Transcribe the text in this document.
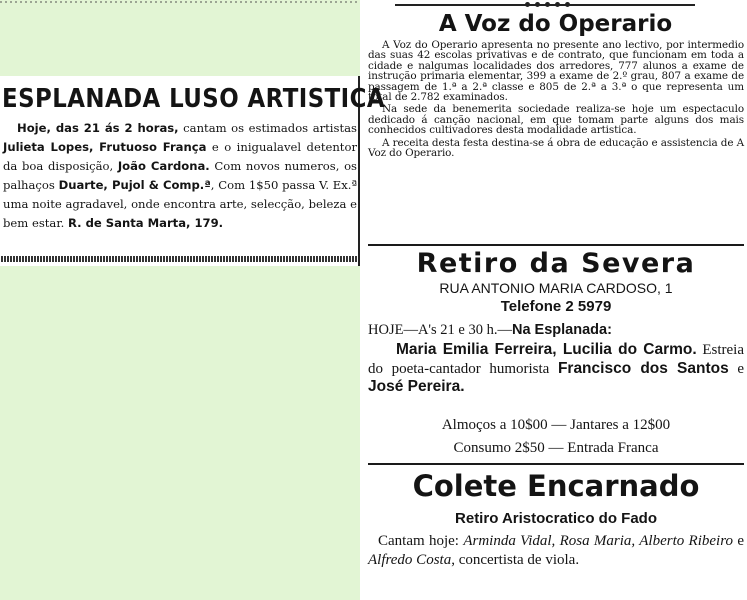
ESPLANADA LUSO ARTISTICA
Hoje, das 21 ás 2 horas, cantam os estimados artistas Julieta Lopes, Frutuoso França e o inigualavel detentor da boa disposição, João Cardona. Com novos numeros, os palhaços Duarte, Pujol & Comp.ª, Com 1$50 passa V. Ex.ª uma noite agradavel, onde encontra arte, selecção, beleza e bem estar. R. de Santa Marta, 179.
A Voz do Operario

A Voz do Operario apresenta no presente ano lectivo, por intermedio das suas 42 escolas privativas e de contrato, que funcionam em toda a cidade e nalgumas localidades dos arredores, 777 alunos a exame de instrução primaria elementar, 399 a exame de 2.º grau, 807 a exame de passagem de 1.ª a 2.ª classe e 805 de 2.ª a 3.ª o que representa um total de 2.782 examinados.

Na sede da benemerita sociedade realiza-se hoje um espectaculo dedicado á canção nacional, em que tomam parte alguns dos mais conhecidos cultivadores desta modalidade artistica.

A receita desta festa destina-se á obra de educação e assistencia de A Voz do Operario.

Retiro da Severa
RUA ANTONIO MARIA CARDOSO, 1
Telefone 2 5979
HOJE—A's 21 e 30 h.—Na Esplanada:
Maria Emilia Ferreira, Lucilia do Carmo. Estreia do poeta-cantador humorista Francisco dos Santos e José Pereira.
Almoços a 10$00 — Jantares a 12$00
Consumo 2$50 — Entrada Franca
Colete Encarnado
Retiro Aristocratico do Fado
Cantam hoje: Arminda Vidal, Rosa Maria, Alberto Ribeiro e Alfredo Costa, concertista de viola.
